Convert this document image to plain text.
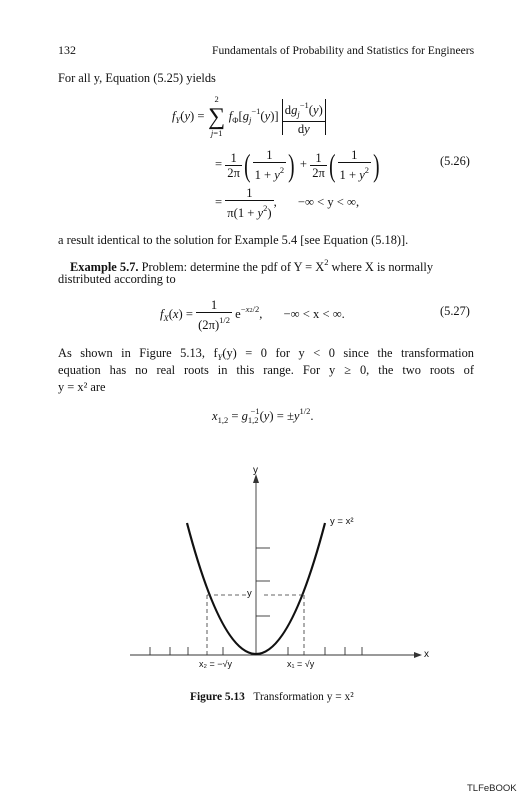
132	Fundamentals of Probability and Statistics for Engineers
For all y, Equation (5.25) yields
$f_Y(y)$ =
2
∑
j=1
$f_\Phi[g_j^{-1}(y)] \frac{dg_j^{-1}(y)}{dy}$
= $\frac{1}{2\pi}$ ( $\frac{1}{1 + y^2}$ ) + $\frac{1}{2\pi}$ ( $\frac{1}{1 + y^2}$ )	(5.26)
= $\frac{1}{\pi(1 + y^2)}$ , −∞ < y < ∞,
a result identical to the solution for Example 5.4 [see Equation (5.18)].
Example 5.7. Problem: determine the pdf of $Y = X^2$ where X is normally
distributed according to
$f_X(x) = \frac{1}{(2\pi)^{1/2}} e^{-x2/2}$, −∞ < x < ∞.	(5.27)
As shown in Figure 5.13, $f_Y(y) = 0$ for y < 0 since the transformation
equation has no real roots in this range. For y ≥ 0, the two roots of
y = x² are
$x_{1,2} = g_{1,2}^{-1}(y) = \pm y^{1/2}$.
y
x
y = x²
y
x₂ = −√y	x₁ = √y
Figure 5.13 Transformation y = x²
TLFeBOOK
